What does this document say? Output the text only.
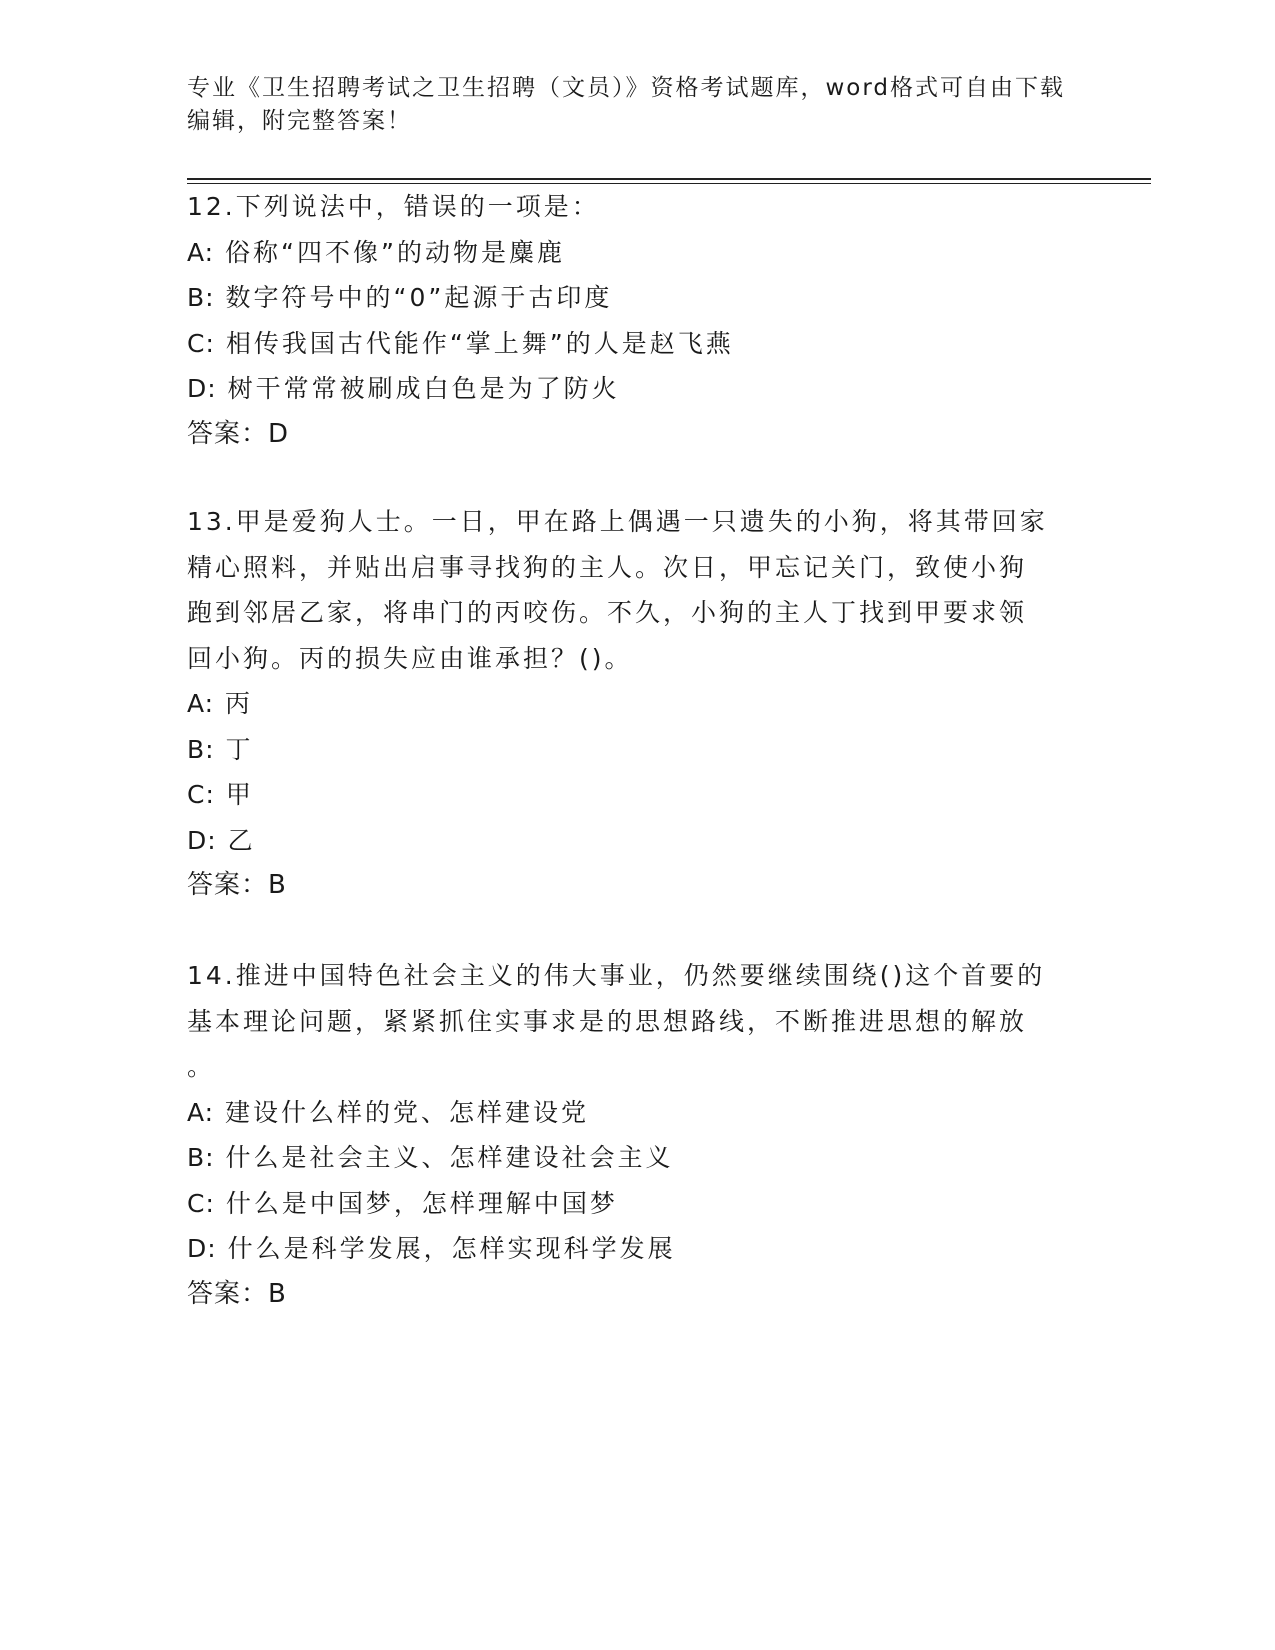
专业《卫生招聘考试之卫生招聘（文员）》资格考试题库，word格式可自由下载
编辑，附完整答案！

12.下列说法中，错误的一项是：

A: 俗称“四不像”的动物是麋鹿

B: 数字符号中的“0”起源于古印度

C: 相传我国古代能作“掌上舞”的人是赵飞燕

D: 树干常常被刷成白色是为了防火

答案：D

13.甲是爱狗人士。一日，甲在路上偶遇一只遗失的小狗，将其带回家

精心照料，并贴出启事寻找狗的主人。次日，甲忘记关门，致使小狗

跑到邻居乙家，将串门的丙咬伤。不久，小狗的主人丁找到甲要求领

回小狗。丙的损失应由谁承担？()。

A: 丙

B: 丁

C: 甲

D: 乙

答案：B

14.推进中国特色社会主义的伟大事业，仍然要继续围绕()这个首要的

基本理论问题，紧紧抓住实事求是的思想路线，不断推进思想的解放

。

A: 建设什么样的党、怎样建设党

B: 什么是社会主义、怎样建设社会主义

C: 什么是中国梦，怎样理解中国梦

D: 什么是科学发展，怎样实现科学发展

答案：B
